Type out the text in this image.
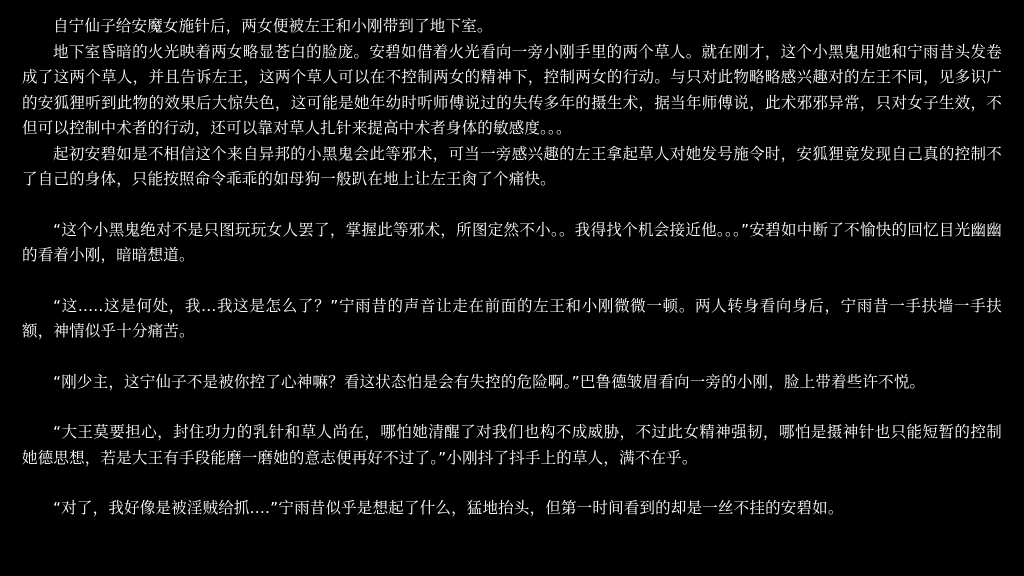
自宁仙子给安魔女施针后，两女便被左王和小刚带到了地下室。

地下室昏暗的火光映着两女略显苍白的脸庞。安碧如借着火光看向一旁小刚手里的两个草人。就在刚才，这个小黑鬼用她和宁雨昔头发卷成了这两个草人，并且告诉左王，这两个草人可以在不控制两女的精神下，控制两女的行动。与只对此物略略感兴趣对的左王不同，见多识广的安狐狸听到此物的效果后大惊失色，这可能是她年幼时听师傅说过的失传多年的摄生术，据当年师傅说，此术邪邪异常，只对女子生效，不但可以控制中术者的行动，还可以靠对草人扎针来提高中术者身体的敏感度。。。

起初安碧如是不相信这个来自异邦的小黑鬼会此等邪术，可当一旁感兴趣的左王拿起草人对她发号施令时，安狐狸竟发现自己真的控制不了自己的身体，只能按照命令乖乖的如母狗一般趴在地上让左王肏了个痛快。

“这个小黑鬼绝对不是只图玩玩女人罢了，掌握此等邪术，所图定然不小。。我得找个机会接近他。。。”安碧如中断了不愉快的回忆目光幽幽的看着小刚，暗暗想道。

“这.....这是何处，我...我这是怎么了？”宁雨昔的声音让走在前面的左王和小刚微微一顿。两人转身看向身后，宁雨昔一手扶墙一手扶额，神情似乎十分痛苦。

“刚少主，这宁仙子不是被你控了心神嘛？看这状态怕是会有失控的危险啊。”巴鲁德皱眉看向一旁的小刚，脸上带着些许不悦。

“大王莫要担心，封住功力的乳针和草人尚在，哪怕她清醒了对我们也构不成威胁，不过此女精神强韧，哪怕是摄神针也只能短暂的控制她德思想，若是大王有手段能磨一磨她的意志便再好不过了。”小刚抖了抖手上的草人，满不在乎。

“对了，我好像是被淫贼给抓....”宁雨昔似乎是想起了什么，猛地抬头，但第一时间看到的却是一丝不挂的安碧如。
